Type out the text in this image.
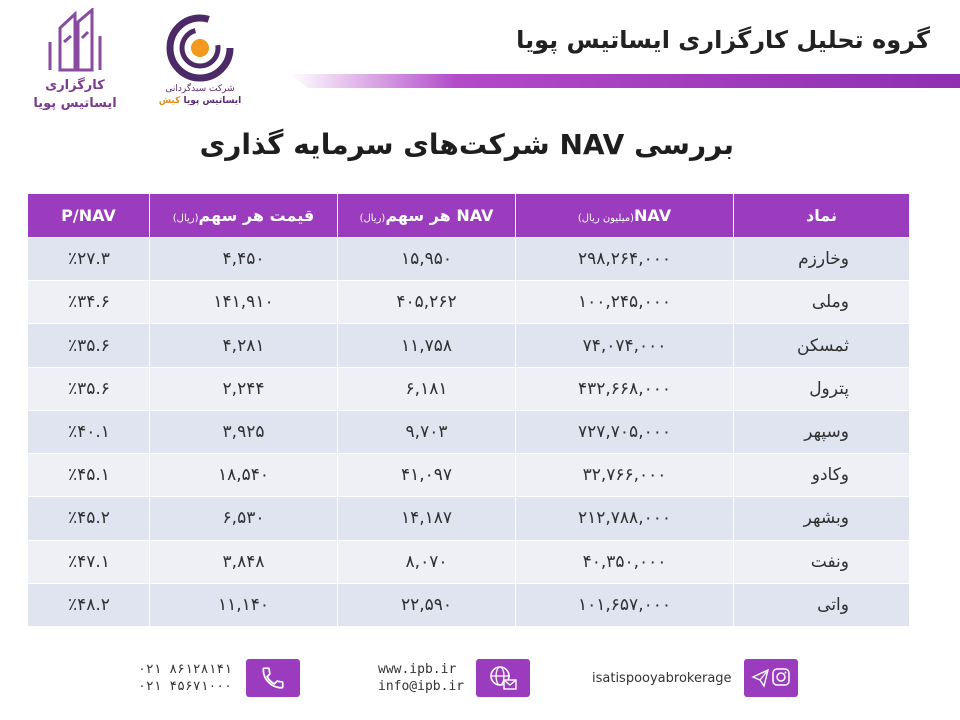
کارگزاری
ایساتیس پویا
شرکت سبدگردانی
ایساتیس پویا کیش
گروه تحلیل کارگزاری ایساتیس پویا
بررسی NAV شرکت‌های سرمایه گذاری
نماد	NAV(میلیون ریال)	NAV هر سهم(ریال)	قیمت هر سهم(ریال)	P/NAV
وخارزم	۲۹۸,۲۶۴,۰۰۰	۱۵,۹۵۰	۴,۴۵۰	٪۲۷.۳
وملی	۱۰۰,۲۴۵,۰۰۰	۴۰۵,۲۶۲	۱۴۱,۹۱۰	٪۳۴.۶
ثمسکن	۷۴,۰۷۴,۰۰۰	۱۱,۷۵۸	۴,۲۸۱	٪۳۵.۶
پترول	۴۳۲,۶۶۸,۰۰۰	۶,۱۸۱	۲,۲۴۴	٪۳۵.۶
وسپهر	۷۲۷,۷۰۵,۰۰۰	۹,۷۰۳	۳,۹۲۵	٪۴۰.۱
وکادو	۳۲,۷۶۶,۰۰۰	۴۱,۰۹۷	۱۸,۵۴۰	٪۴۵.۱
وبشهر	۲۱۲,۷۸۸,۰۰۰	۱۴,۱۸۷	۶,۵۳۰	٪۴۵.۲
ونفت	۴۰,۳۵۰,۰۰۰	۸,۰۷۰	۳,۸۴۸	٪۴۷.۱
واتی	۱۰۱,۶۵۷,۰۰۰	۲۲,۵۹۰	۱۱,۱۴۰	٪۴۸.۲
۰۲۱ ۸۶۱۲۸۱۴۱
۰۲۱ ۴۵۶۷۱۰۰۰
www.ipb.ir
info@ipb.ir
isatispooyabrokerage
